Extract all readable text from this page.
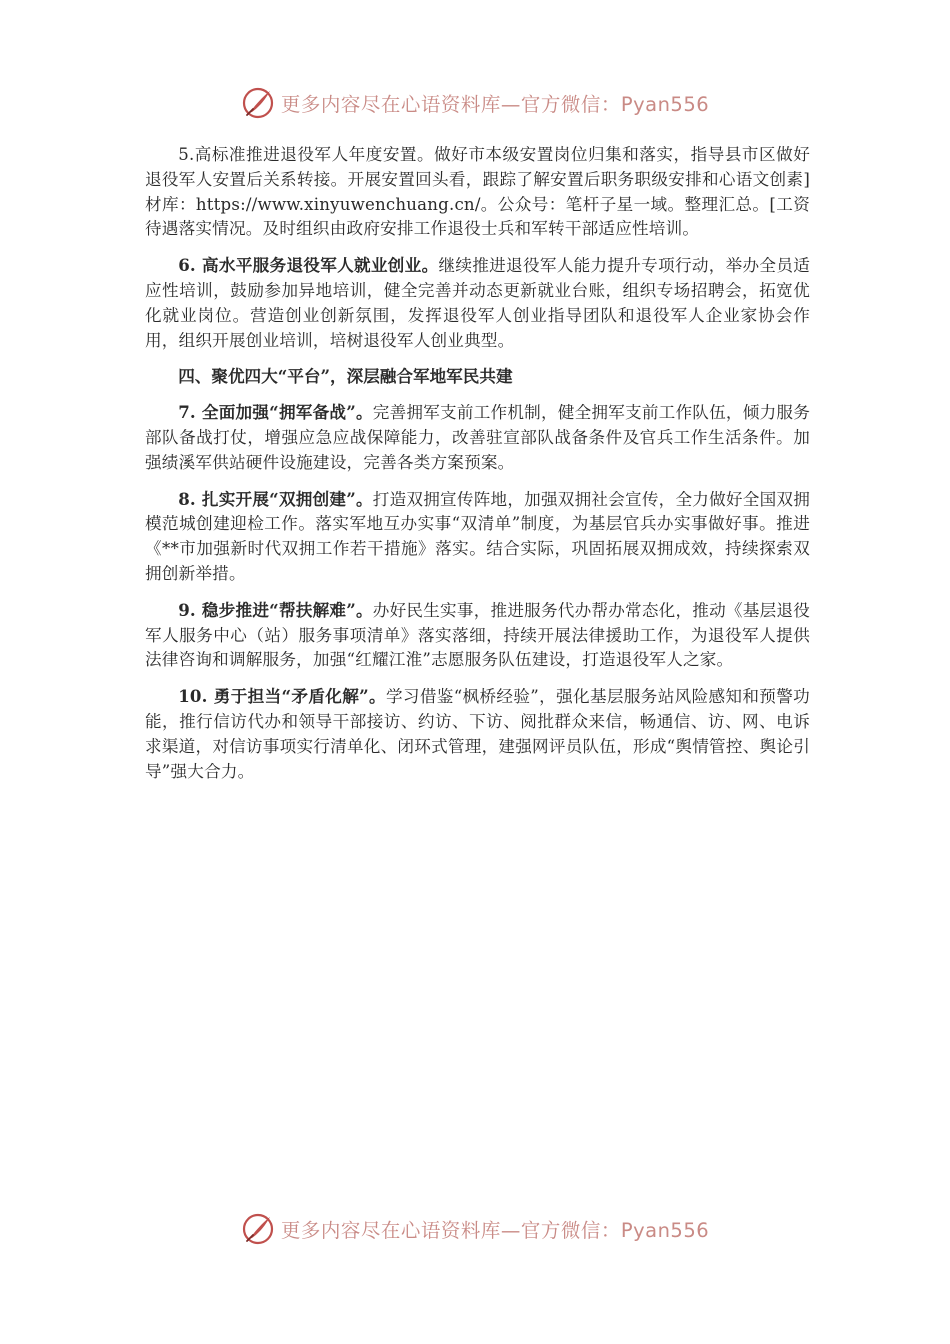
更多内容尽在心语资料库—官方微信：Pyan556

5.高标准推进退役军人年度安置。做好市本级安置岗位归集和落实，指导县市区做好退役军人安置后关系转接。开展安置回头看，跟踪了解安置后职务职级安排和心语文创素]材库：https://www.xinyuwenchuang.cn/。公众号：笔杆子星一域。整理汇总。[工资待遇落实情况。及时组织由政府安排工作退役士兵和军转干部适应性培训。

6. 高水平服务退役军人就业创业。继续推进退役军人能力提升专项行动，举办全员适应性培训，鼓励参加异地培训，健全完善并动态更新就业台账，组织专场招聘会，拓宽优化就业岗位。营造创业创新氛围，发挥退役军人创业指导团队和退役军人企业家协会作用，组织开展创业培训，培树退役军人创业典型。

四、聚优四大“平台”，深层融合军地军民共建

7. 全面加强“拥军备战”。完善拥军支前工作机制，健全拥军支前工作队伍，倾力服务部队备战打仗，增强应急应战保障能力，改善驻宣部队战备条件及官兵工作生活条件。加强绩溪军供站硬件设施建设，完善各类方案预案。

8. 扎实开展“双拥创建”。打造双拥宣传阵地，加强双拥社会宣传，全力做好全国双拥模范城创建迎检工作。落实军地互办实事“双清单”制度，为基层官兵办实事做好事。推进《**市加强新时代双拥工作若干措施》落实。结合实际，巩固拓展双拥成效，持续探索双拥创新举措。

9. 稳步推进“帮扶解难”。办好民生实事，推进服务代办帮办常态化，推动《基层退役军人服务中心（站）服务事项清单》落实落细，持续开展法律援助工作，为退役军人提供法律咨询和调解服务，加强“红耀江淮”志愿服务队伍建设，打造退役军人之家。

10. 勇于担当“矛盾化解”。学习借鉴“枫桥经验”，强化基层服务站风险感知和预警功能，推行信访代办和领导干部接访、约访、下访、阅批群众来信，畅通信、访、网、电诉求渠道，对信访事项实行清单化、闭环式管理，建强网评员队伍，形成“舆情管控、舆论引导”强大合力。

更多内容尽在心语资料库—官方微信：Pyan556
